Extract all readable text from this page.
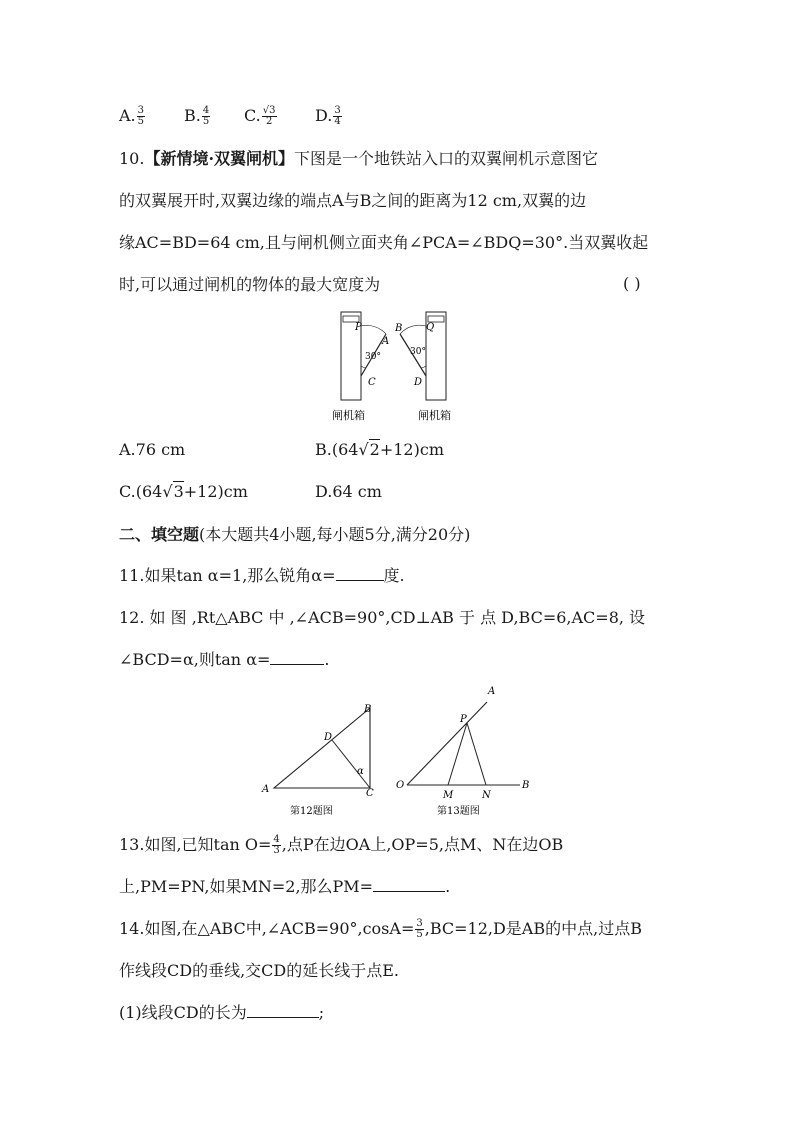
A. $\frac{3}{5} B$. $\frac{4}{5} C$. $\frac{√3}{2} D$. $\frac{3}{4}$
10.【新情境·双翼闸机】下图是一个地铁站入口的双翼闸机示意图它
的双翼展开时,双翼边缘的端点A与B之间的距离为12 cm,双翼的边
缘AC=BD=64 cm,且与闸机侧立面夹角∠PCA=∠BDQ=30°.当双翼收起
时,可以通过闸机的物体的最大宽度为	( )
P
A
B Q
30°	30°
C	D
闸机箱	闸机箱
A.76 cm	B.(64√2+12)cm
C.(64√3+12)cm	D.64 cm
二、填空题(本大题共4小题,每小题5分,满分20分)
11.如果tan α=1,那么锐角α=	度.
12. 如 图 ,Rt△ABC 中 ,∠ACB=90°,CD⊥AB 于 点 D,BC=6,AC=8, 设
∠BCD=α,则tan α=	.
A
B
C
D
α
第12题图
O
A
B
P
M	N
第13题图
13.如图,已知$\tan O= \frac{4}{3}$ ,点P在边OA上,OP=5,点M、N在边OB
上,PM=PN,如果MN=2,那么PM=	.
14.如图,在△ABC中,∠ACB=90°,cosA= $\frac{3}{5} ,BC=12,D$是AB的中点,过点B
作线段CD的垂线,交CD的延长线于点E.
(1)线段CD的长为	;
